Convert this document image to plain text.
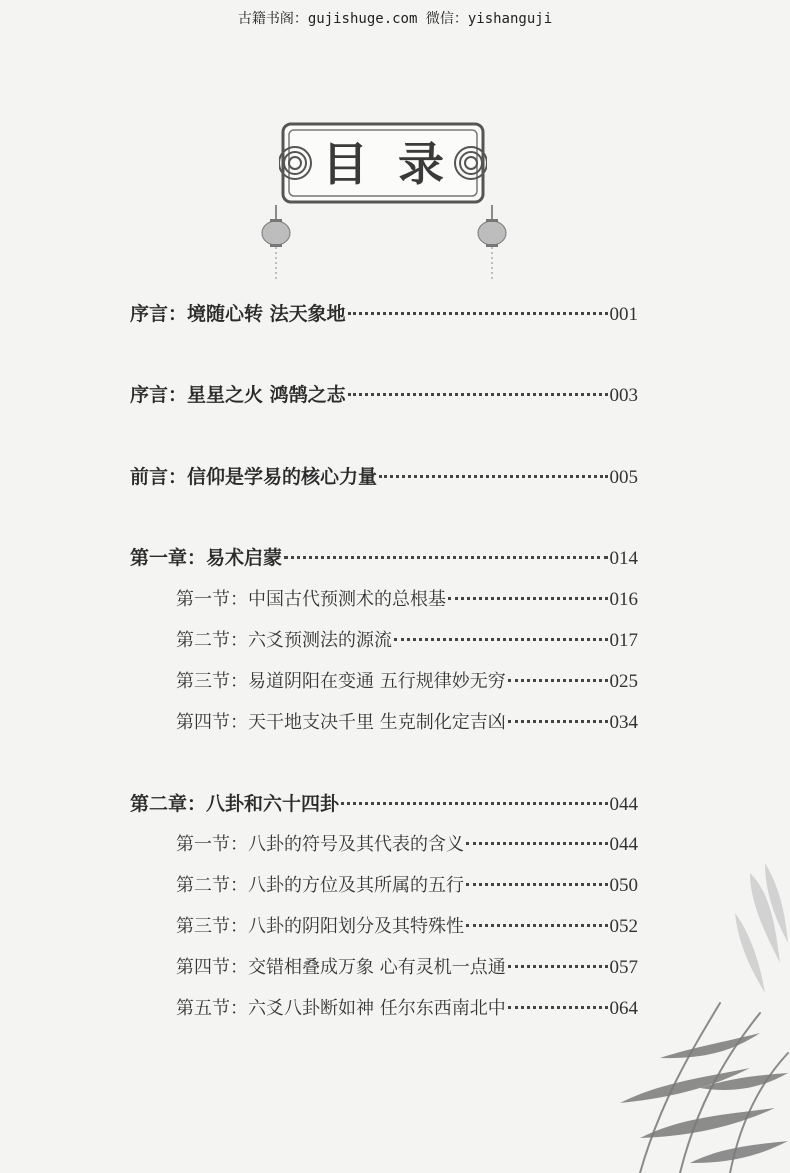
古籍书阁：gujishuge.com 微信：yishanguji
目录
序言：境随心转 法天象地	001
序言：星星之火 鸿鹄之志	003
前言：信仰是学易的核心力量	005
第一章：易术启蒙	014
第一节：中国古代预测术的总根基	016
第二节：六爻预测法的源流	017
第三节：易道阴阳在变通 五行规律妙无穷	025
第四节：天干地支决千里 生克制化定吉凶	034
第二章：八卦和六十四卦	044
第一节：八卦的符号及其代表的含义	044
第二节：八卦的方位及其所属的五行	050
第三节：八卦的阴阳划分及其特殊性	052
第四节：交错相叠成万象 心有灵机一点通	057
第五节：六爻八卦断如神 任尔东西南北中	064
